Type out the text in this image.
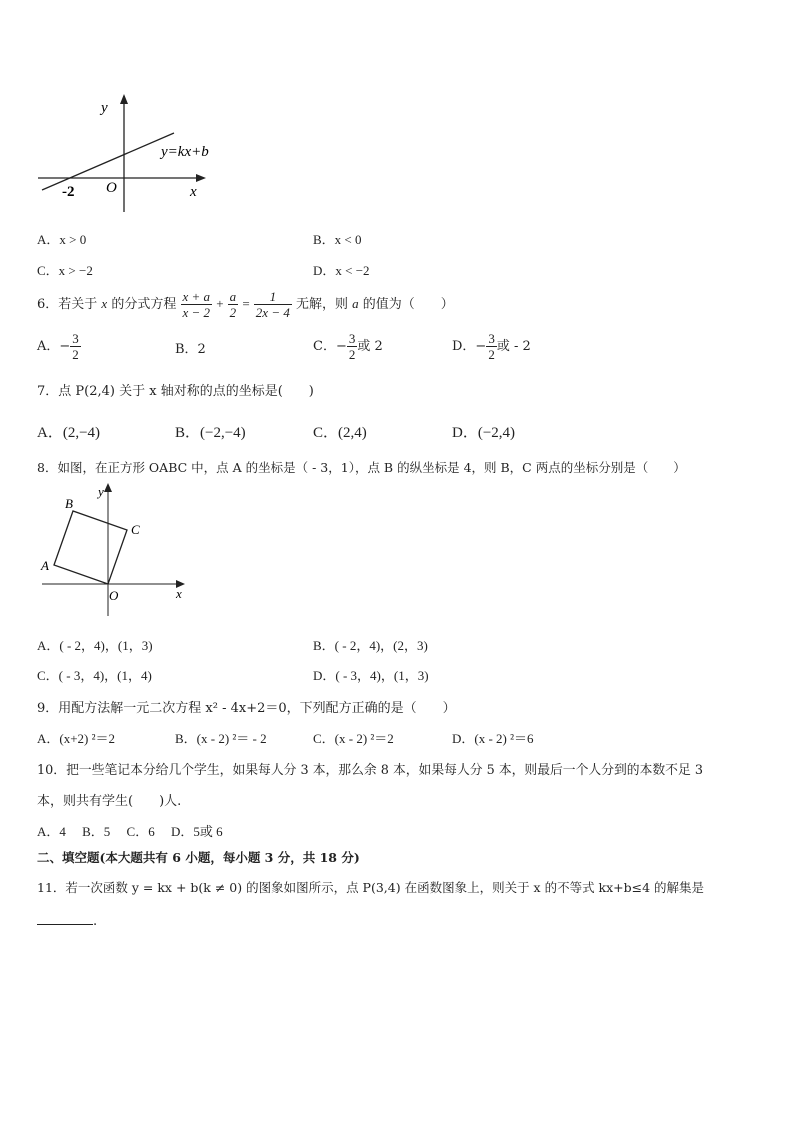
y
y=kx+b
x
O
-2
A．x > 0	B．x < 0
C．x > −2	D．x < −2
6．若关于 x 的分式方程 $\frac{x + a}{x - 2} + \frac{a}{2} = \frac{1}{2x - 4}$ 无解，则 a 的值为（　　）
A．− $\frac{3}{2}$	B．2	C．− $\frac{3}{2}$ 或 2	D．− $\frac{3}{2}$ 或 - 2
7．点 P(2,4) 关于 x 轴对称的点的坐标是(　　)
A．(2,−4)	B．(−2,−4)	C．(2,4)	D．(−2,4)
8．如图，在正方形 OABC 中，点 A 的坐标是（ - 3，1），点 B 的纵坐标是 4，则 B，C 两点的坐标分别是（　　）
y
B
C
A
O	x
A．( - 2，4)，(1，3)	B．( - 2，4)，(2，3)
C．( - 3，4)，(1，4)	D．( - 3，4)，(1，3)
9．用配方法解一元二次方程 x² - 4x+2＝0，下列配方正确的是（　　）
A．(x+2) ²＝2	B．(x - 2) ²＝ - 2	C．(x - 2) ²＝2	D．(x - 2) ²＝6
10．把一些笔记本分给几个学生，如果每人分 3 本，那么余 8 本，如果每人分 5 本，则最后一个人分到的本数不足 3
本，则共有学生(　　)人.
A．4　 B．5　 C．6　 D．5或 6
二、填空题(本大题共有 6 小题，每小题 3 分，共 18 分)
11．若一次函数 y = kx + b(k ≠ 0) 的图象如图所示，点 P(3,4) 在函数图象上，则关于 x 的不等式 kx+b≤4 的解集是
.
